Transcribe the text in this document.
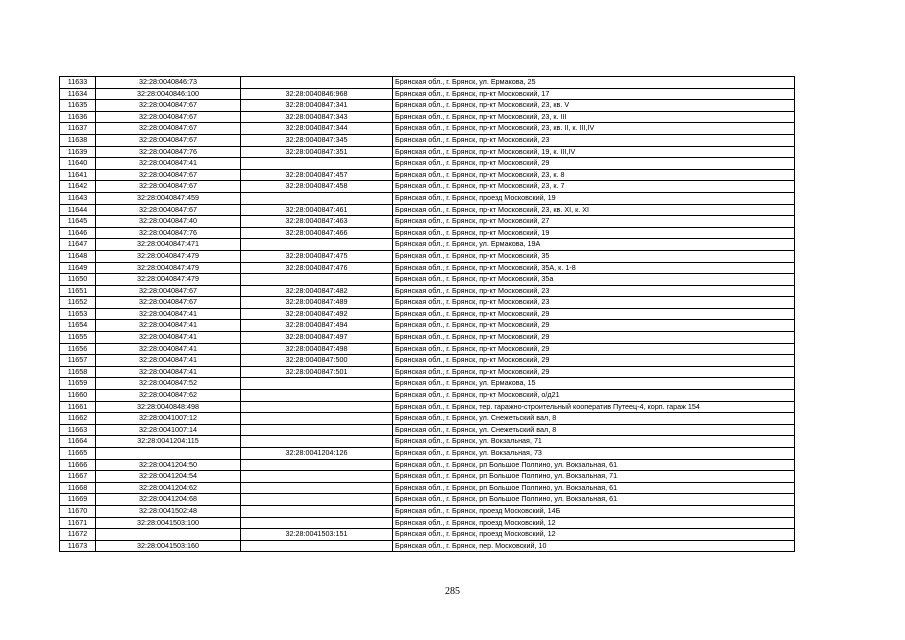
11633	32:28:0040846:73		Брянская обл., г. Брянск, ул. Ермакова, 25
11634	32:28:0040846:100	32:28:0040846:968	Брянская обл., г. Брянск, пр-кт Московский, 17
11635	32:28:0040847:67	32:28:0040847:341	Брянская обл., г. Брянск, пр-кт Московский, 23, кв. V
11636	32:28:0040847:67	32:28:0040847:343	Брянская обл., г. Брянск, пр-кт Московский, 23, к. III
11637	32:28:0040847:67	32:28:0040847:344	Брянская обл., г. Брянск, пр-кт Московский, 23, кв. II, к. III,IV
11638	32:28:0040847:67	32:28:0040847:345	Брянская обл., г. Брянск, пр-кт Московский, 23
11639	32:28:0040847:76	32:28:0040847:351	Брянская обл., г. Брянск, пр-кт Московский, 19, к. III,IV
11640	32:28:0040847:41		Брянская обл., г. Брянск, пр-кт Московский, 29
11641	32:28:0040847:67	32:28:0040847:457	Брянская обл., г. Брянск, пр-кт Московский, 23, к. 8
11642	32:28:0040847:67	32:28:0040847:458	Брянская обл., г. Брянск, пр-кт Московский, 23, к. 7
11643	32:28:0040847:459		Брянская обл., г. Брянск, проезд Московский, 19
11644	32:28:0040847:67	32:28:0040847:461	Брянская обл., г. Брянск, пр-кт Московский, 23, кв. XI, к. XI
11645	32:28:0040847:40	32:28:0040847:463	Брянская обл., г. Брянск, пр-кт Московский, 27
11646	32:28:0040847:76	32:28:0040847:466	Брянская обл., г. Брянск, пр-кт Московский, 19
11647	32:28:0040847:471		Брянская обл., г. Брянск, ул. Ермакова, 19А
11648	32:28:0040847:479	32:28:0040847:475	Брянская обл., г. Брянск, пр-кт Московский, 35
11649	32:28:0040847:479	32:28:0040847:476	Брянская обл., г. Брянск, пр-кт Московский, 35А, к. 1-8
11650	32:28:0040847:479		Брянская обл., г. Брянск, пр-кт Московский, 35а
11651	32:28:0040847:67	32:28:0040847:482	Брянская обл., г. Брянск, пр-кт Московский, 23
11652	32:28:0040847:67	32:28:0040847:489	Брянская обл., г. Брянск, пр-кт Московский, 23
11653	32:28:0040847:41	32:28:0040847:492	Брянская обл., г. Брянск, пр-кт Московский, 29
11654	32:28:0040847:41	32:28:0040847:494	Брянская обл., г. Брянск, пр-кт Московский, 29
11655	32:28:0040847:41	32:28:0040847:497	Брянская обл., г. Брянск, пр-кт Московский, 29
11656	32:28:0040847:41	32:28:0040847:498	Брянская обл., г. Брянск, пр-кт Московский, 29
11657	32:28:0040847:41	32:28:0040847:500	Брянская обл., г. Брянск, пр-кт Московский, 29
11658	32:28:0040847:41	32:28:0040847:501	Брянская обл., г. Брянск, пр-кт Московский, 29
11659	32:28:0040847:52		Брянская обл., г. Брянск, ул. Ермакова, 15
11660	32:28:0040847:62		Брянская обл., г. Брянск, пр-кт Московский, о/д21
11661	32:28:0040848:498		Брянская обл., г. Брянск, тер. гаражно-строительный кооператив Путеец-4, корп. гараж 154
11662	32:28:0041007:12		Брянская обл., г. Брянск, ул. Снежетьский вал, 8
11663	32:28:0041007:14		Брянская обл., г. Брянск, ул. Снежетьский вал, 8
11664	32:28:0041204:115		Брянская обл., г. Брянск, ул. Вокзальная, 71
11665		32:28:0041204:126	Брянская обл., г. Брянск, ул. Вокзальная, 73
11666	32:28:0041204:50		Брянская обл., г. Брянск, рп Большое Полпино, ул. Вокзальная, 61
11667	32:28:0041204:54		Брянская обл., г. Брянск, рп Большое Полпино, ул. Вокзальная, 71
11668	32:28:0041204:62		Брянская обл., г. Брянск, рп Большое Полпино, ул. Вокзальная, 61
11669	32:28:0041204:68		Брянская обл., г. Брянск, рп Большое Полпино, ул. Вокзальная, 61
11670	32:28:0041502:48		Брянская обл., г. Брянск, проезд Московский, 14Б
11671	32:28:0041503:100		Брянская обл., г. Брянск, проезд Московский, 12
11672		32:28:0041503:151	Брянская обл., г. Брянск, проезд Московский, 12
11673	32:28:0041503:160		Брянская обл., г. Брянск, пер. Московский, 10
285
